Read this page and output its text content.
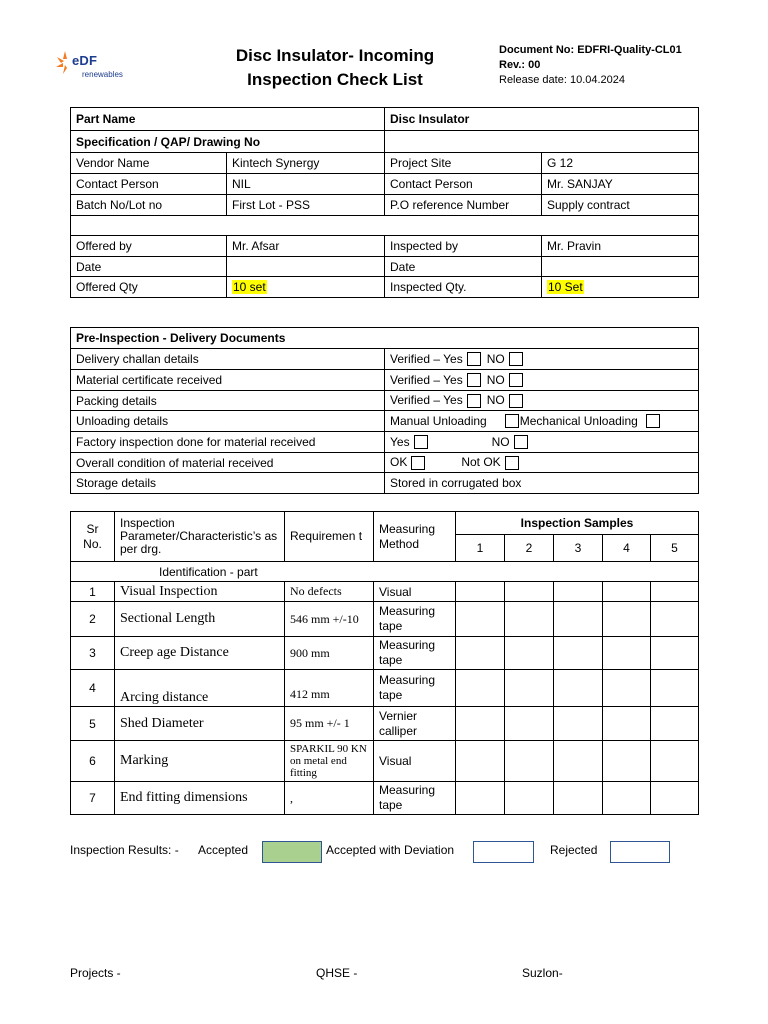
eDF
renewables
Disc Insulator- Incoming
Inspection Check List
Document No: EDFRI-Quality-CL01
Rev.: 00
Release date: 10.04.2024
Part Name		Disc Insulator	
Specification / QAP/ Drawing No			
Vendor Name	Kintech Synergy	Project Site	G 12
Contact Person	NIL	Contact Person	Mr. SANJAY
Batch No/Lot no	First Lot - PSS	P.O reference Number	Supply contract

Offered by	Mr. Afsar	Inspected by	Mr. Pravin
Date		Date	
Offered Qty	10 set	Inspected Qty.	10 Set
Pre-Inspection - Delivery Documents	
Delivery challan details	Verified – Yes NO
Material certificate received	Verified – Yes NO
Packing details	Verified – Yes NO
Unloading details	Manual Unloading Mechanical Unloading
Factory inspection done for material received	Yes NO
Overall condition of material received	OK Not OK
Storage details	Stored in corrugated box
Sr No.	Inspection Parameter/Characteristic’s as per drg.	Requiremen t	Measuring Method	Inspection Samples				
				1	2	3	4	5
Identification - part								
1	Visual Inspection	No defects	Visual					
2	Sectional Length	546 mm +/-10	Measuring tape					
3	Creep age Distance	900 mm	Measuring tape					
4	Arcing distance	412 mm	Measuring tape					
5	Shed Diameter	95 mm +/- 1	Vernier calliper					
6	Marking	SPARKIL 90 KN on metal end fitting	Visual					
7	End fitting dimensions	,	Measuring tape					
Inspection Results: - Accepted	Accepted with Deviation	Rejected
Projects -	QHSE -	Suzlon-
